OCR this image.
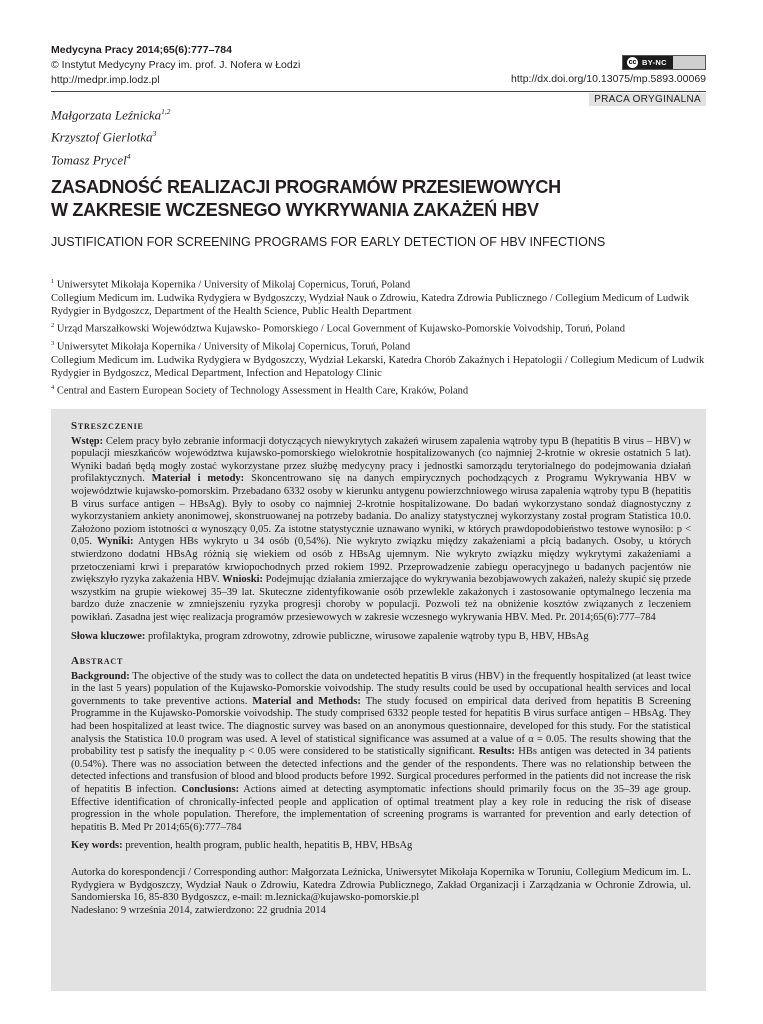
Medycyna Pracy 2014;65(6):777–784
© Instytut Medycyny Pracy im. prof. J. Nofera w Łodzi
http://medpr.imp.lodz.pl
cc BY-NC
http://dx.doi.org/10.13075/mp.5893.00069
PRACA ORYGINALNA
Małgorzata Leźnicka$^{1,2}$
Krzysztof Gierlotka$^3$
Tomasz Prycel$^4$
ZASADNOŚĆ REALIZACJI PROGRAMÓW PRZESIEWOWYCH
W ZAKRESIE WCZESNEGO WYKRYWANIA ZAKAŻEŃ HBV
JUSTIFICATION FOR SCREENING PROGRAMS FOR EARLY DETECTION OF HBV INFECTIONS

$^1$ Uniwersytet Mikołaja Kopernika / University of Mikolaj Copernicus, Toruń, Poland

Collegium Medicum im. Ludwika Rydygiera w Bydgoszczy, Wydział Nauk o Zdrowiu, Katedra Zdrowia Publicznego / Collegium Medicum of Ludwik Rydygier in Bydgoszcz, Department of the Health Science, Public Health Department

$^2$ Urząd Marszałkowski Województwa Kujawsko- Pomorskiego / Local Government of Kujawsko-Pomorskie Voivodship, Toruń, Poland

$^3$ Uniwersytet Mikołaja Kopernika / University of Mikolaj Copernicus, Toruń, Poland

Collegium Medicum im. Ludwika Rydygiera w Bydgoszczy, Wydział Lekarski, Katedra Chorób Zakaźnych i Hepatologii / Collegium Medicum of Ludwik Rydygier in Bydgoszcz, Medical Department, Infection and Hepatology Clinic

$^4$ Central and Eastern European Society of Technology Assessment in Health Care, Kraków, Poland

Streszczenie

Wstęp: Celem pracy było zebranie informacji dotyczących niewykrytych zakażeń wirusem zapalenia wątroby typu B (hepatitis B virus – HBV) w populacji mieszkańców województwa kujawsko-pomorskiego wielokrotnie hospitalizowanych (co najmniej 2-krotnie w okresie ostatnich 5 lat). Wyniki badań będą mogły zostać wykorzystane przez służbę medycyny pracy i jednostki samorządu terytorialnego do podejmowania działań profilaktycznych. Materiał i metody: Skoncentrowano się na danych empirycznych pochodzących z Programu Wykrywania HBV w województwie kujawsko-pomorskim. Przebadano 6332 osoby w kierunku antygenu powierzchniowego wirusa zapalenia wątroby typu B (hepatitis B virus surface antigen – HBsAg). Były to osoby co najmniej 2-krotnie hospitalizowane. Do badań wykorzystano sondaż diagnostyczny z wykorzystaniem ankiety anonimowej, skonstruowanej na potrzeby badania. Do analizy statystycznej wykorzystany został program Statistica 10.0. Założono poziom istotności α wynoszący 0,05. Za istotne statystycznie uznawano wyniki, w których prawdopodobieństwo testowe wynosiło: p < 0,05. Wyniki: Antygen HBs wykryto u 34 osób (0,54%). Nie wykryto związku między zakażeniami a płcią badanych. Osoby, u których stwierdzono dodatni HBsAg różnią się wiekiem od osób z HBsAg ujemnym. Nie wykryto związku między wykrytymi zakażeniami a przetoczeniami krwi i preparatów krwiopochodnych przed rokiem 1992. Przeprowadzenie zabiegu operacyjnego u badanych pacjentów nie zwiększyło ryzyka zakażenia HBV. Wnioski: Podejmując działania zmierzające do wykrywania bezobjawowych zakażeń, należy skupić się przede wszystkim na grupie wiekowej 35–39 lat. Skuteczne zidentyfikowanie osób przewlekle zakażonych i zastosowanie optymalnego leczenia ma bardzo duże znaczenie w zmniejszeniu ryzyka progresji choroby w populacji. Pozwoli też na obniżenie kosztów związanych z leczeniem powikłań. Zasadna jest więc realizacja programów przesiewowych w zakresie wczesnego wykrywania HBV. Med. Pr. 2014;65(6):777–784

Słowa kluczowe: profilaktyka, program zdrowotny, zdrowie publiczne, wirusowe zapalenie wątroby typu B, HBV, HBsAg

Abstract

Background: The objective of the study was to collect the data on undetected hepatitis B virus (HBV) in the frequently hospitalized (at least twice in the last 5 years) population of the Kujawsko-Pomorskie voivodship. The study results could be used by occupational health services and local governments to take preventive actions. Material and Methods: The study focused on empirical data derived from hepatitis B Screening Programme in the Kujawsko-Pomorskie voivodship. The study comprised 6332 people tested for hepatitis B virus surface antigen – HBsAg. They had been hospitalized at least twice. The diagnostic survey was based on an anonymous questionnaire, developed for this study. For the statistical analysis the Statistica 10.0 program was used. A level of statistical significance was assumed at a value of α = 0.05. The results showing that the probability test p satisfy the inequality p < 0.05 were considered to be statistically significant. Results: HBs antigen was detected in 34 patients (0.54%). There was no association between the detected infections and the gender of the respondents. There was no relationship between the detected infections and transfusion of blood and blood products before 1992. Surgical procedures performed in the patients did not increase the risk of hepatitis B infection. Conclusions: Actions aimed at detecting asymptomatic infections should primarily focus on the 35–39 age group. Effective identification of chronically-infected people and application of optimal treatment play a key role in reducing the risk of disease progression in the whole population. Therefore, the implementation of screening programs is warranted for prevention and early detection of hepatitis B. Med Pr 2014;65(6):777–784

Key words: prevention, health program, public health, hepatitis B, HBV, HBsAg

Autorka do korespondencji / Corresponding author: Małgorzata Leźnicka, Uniwersytet Mikołaja Kopernika w Toruniu, Collegium Medicum im. L. Rydygiera w Bydgoszczy, Wydział Nauk o Zdrowiu, Katedra Zdrowia Publicznego, Zakład Organizacji i Zarządzania w Ochronie Zdrowia, ul. Sandomierska 16, 85-830 Bydgoszcz, e-mail: m.leznicka@kujawsko-pomorskie.pl
Nadesłano: 9 września 2014, zatwierdzono: 22 grudnia 2014
